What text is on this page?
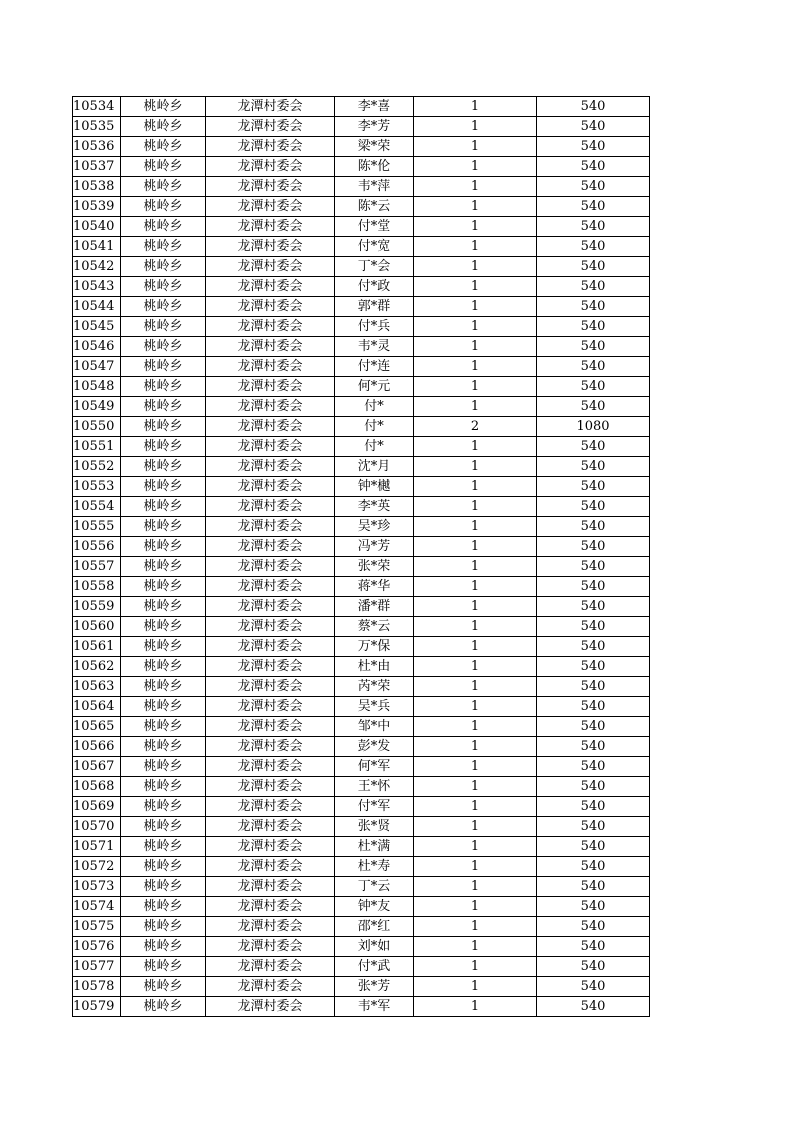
10534	桃岭乡	龙潭村委会	李*喜	1	540
10535	桃岭乡	龙潭村委会	李*芳	1	540
10536	桃岭乡	龙潭村委会	梁*荣	1	540
10537	桃岭乡	龙潭村委会	陈*伦	1	540
10538	桃岭乡	龙潭村委会	韦*萍	1	540
10539	桃岭乡	龙潭村委会	陈*云	1	540
10540	桃岭乡	龙潭村委会	付*堂	1	540
10541	桃岭乡	龙潭村委会	付*宽	1	540
10542	桃岭乡	龙潭村委会	丁*会	1	540
10543	桃岭乡	龙潭村委会	付*政	1	540
10544	桃岭乡	龙潭村委会	郭*群	1	540
10545	桃岭乡	龙潭村委会	付*兵	1	540
10546	桃岭乡	龙潭村委会	韦*灵	1	540
10547	桃岭乡	龙潭村委会	付*连	1	540
10548	桃岭乡	龙潭村委会	何*元	1	540
10549	桃岭乡	龙潭村委会	付*	1	540
10550	桃岭乡	龙潭村委会	付*	2	1080
10551	桃岭乡	龙潭村委会	付*	1	540
10552	桃岭乡	龙潭村委会	沈*月	1	540
10553	桃岭乡	龙潭村委会	钟*樾	1	540
10554	桃岭乡	龙潭村委会	李*英	1	540
10555	桃岭乡	龙潭村委会	吴*珍	1	540
10556	桃岭乡	龙潭村委会	冯*芳	1	540
10557	桃岭乡	龙潭村委会	张*荣	1	540
10558	桃岭乡	龙潭村委会	蒋*华	1	540
10559	桃岭乡	龙潭村委会	潘*群	1	540
10560	桃岭乡	龙潭村委会	蔡*云	1	540
10561	桃岭乡	龙潭村委会	万*保	1	540
10562	桃岭乡	龙潭村委会	杜*由	1	540
10563	桃岭乡	龙潭村委会	芮*荣	1	540
10564	桃岭乡	龙潭村委会	吴*兵	1	540
10565	桃岭乡	龙潭村委会	邹*中	1	540
10566	桃岭乡	龙潭村委会	彭*发	1	540
10567	桃岭乡	龙潭村委会	何*军	1	540
10568	桃岭乡	龙潭村委会	王*怀	1	540
10569	桃岭乡	龙潭村委会	付*军	1	540
10570	桃岭乡	龙潭村委会	张*贤	1	540
10571	桃岭乡	龙潭村委会	杜*满	1	540
10572	桃岭乡	龙潭村委会	杜*寿	1	540
10573	桃岭乡	龙潭村委会	丁*云	1	540
10574	桃岭乡	龙潭村委会	钟*友	1	540
10575	桃岭乡	龙潭村委会	邵*红	1	540
10576	桃岭乡	龙潭村委会	刘*如	1	540
10577	桃岭乡	龙潭村委会	付*武	1	540
10578	桃岭乡	龙潭村委会	张*芳	1	540
10579	桃岭乡	龙潭村委会	韦*军	1	540
